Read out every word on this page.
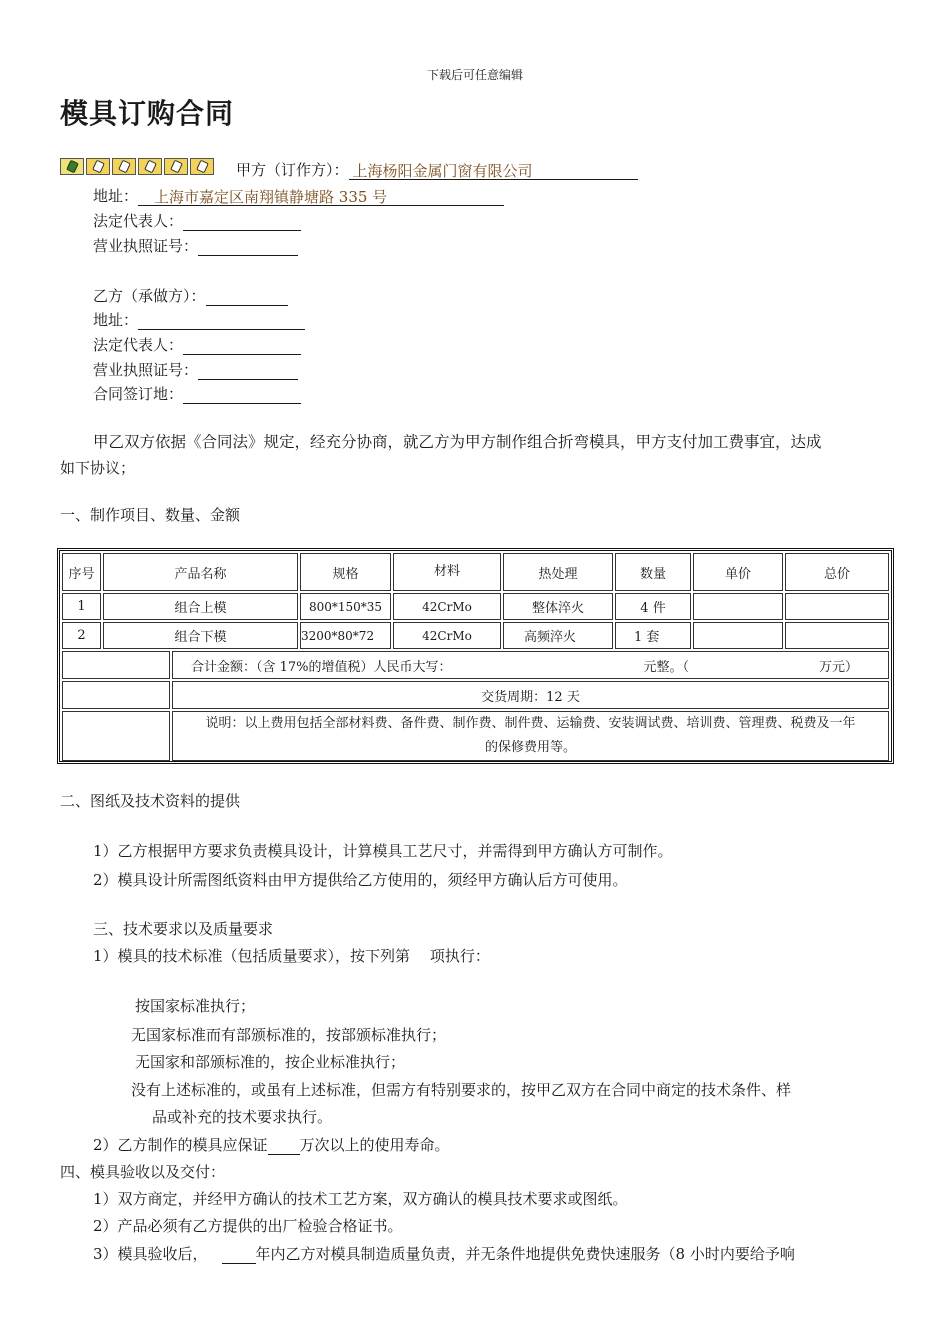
下载后可任意编辑
模具订购合同
甲方（订作方）： 上海杨阳金属门窗有限公司
地址： 上海市嘉定区南翔镇静塘路 335 号
法定代表人：
营业执照证号：
乙方（承做方）：
地址：
法定代表人：
营业执照证号：
合同签订地：
甲乙双方依据《合同法》规定，经充分协商，就乙方为甲方制作组合折弯模具，甲方支付加工费事宜，达成
如下协议；
一、制作项目、数量、金额
序号	产品名称	规格	材料	热处理	数量	单价	总价
1	组合上模	800*150*35	42CrMo	整体淬火	4 件
2	组合下模	3200*80*72	42CrMo	高频淬火	1 套
合计金额：（含 17%的增值税）人民币大写：	元整。（	万元）
交货周期：12 天
说明：以上费用包括全部材料费、备件费、制作费、制件费、运输费、安装调试费、培训费、管理费、税费及一年
的保修费用等。
二、图纸及技术资料的提供
1）乙方根据甲方要求负责模具设计，计算模具工艺尺寸，并需得到甲方确认方可制作。
2）模具设计所需图纸资料由甲方提供给乙方使用的，须经甲方确认后方可使用。
三、技术要求以及质量要求
1）模具的技术标准（包括质量要求），按下列第　 项执行：
按国家标准执行；
无国家标准而有部颁标准的，按部颁标准执行；
无国家和部颁标准的，按企业标准执行；
没有上述标准的，或虽有上述标准，但需方有特别要求的，按甲乙双方在合同中商定的技术条件、样
品或补充的技术要求执行。
2）乙方制作的模具应保证 万次以上的使用寿命。
四、模具验收以及交付：
1）双方商定，并经甲方确认的技术工艺方案，双方确认的模具技术要求或图纸。
2）产品必须有乙方提供的出厂检验合格证书。
3）模具验收后，	年内乙方对模具制造质量负责，并无条件地提供免费快速服务（8 小时内要给予响
